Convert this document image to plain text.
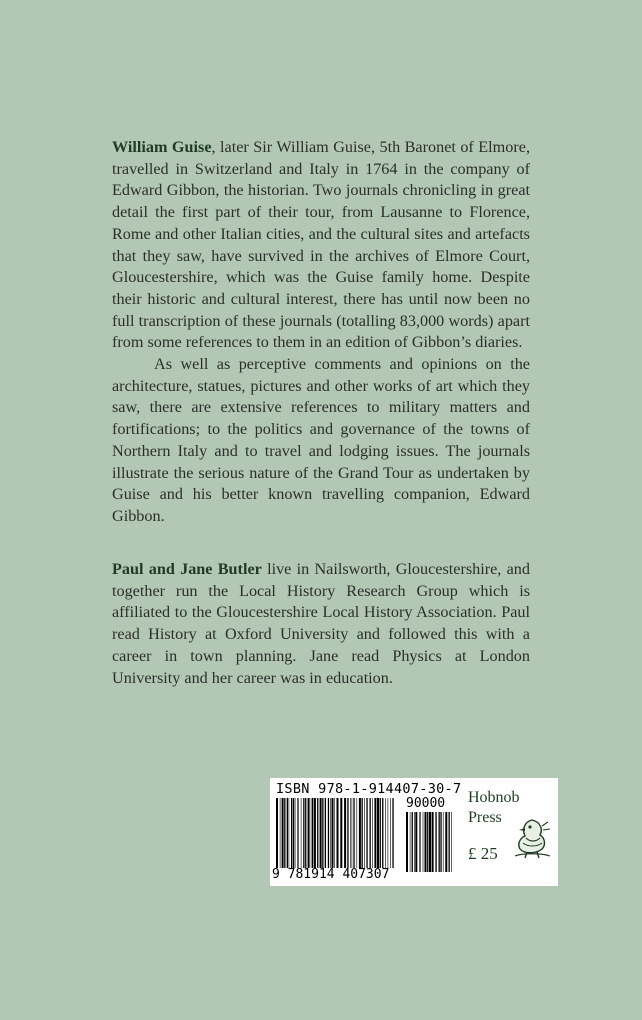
William Guise, later Sir William Guise, 5th Baronet of Elmore, travelled in Switzerland and Italy in 1764 in the company of Edward Gibbon, the historian. Two journals chronicling in great detail the first part of their tour, from Lausanne to Florence, Rome and other Italian cities, and the cultural sites and artefacts that they saw, have survived in the archives of Elmore Court, Gloucestershire, which was the Guise family home. Despite their historic and cultural interest, there has until now been no full transcription of these journals (totalling 83,000 words) apart from some references to them in an edition of Gibbon’s diaries.

As well as perceptive comments and opinions on the architecture, statues, pictures and other works of art which they saw, there are extensive references to military matters and fortifications; to the politics and governance of the towns of Northern Italy and to travel and lodging issues. The journals illustrate the serious nature of the Grand Tour as undertaken by Guise and his better known travelling companion, Edward Gibbon.

Paul and Jane Butler live in Nailsworth, Gloucestershire, and together run the Local History Research Group which is affiliated to the Gloucestershire Local History Association. Paul read History at Oxford University and followed this with a career in town planning. Jane read Physics at London University and her career was in education.

ISBN 978-1-914407-30-7
90000
9 781914 407307
Hobnob
Press
£ 25
